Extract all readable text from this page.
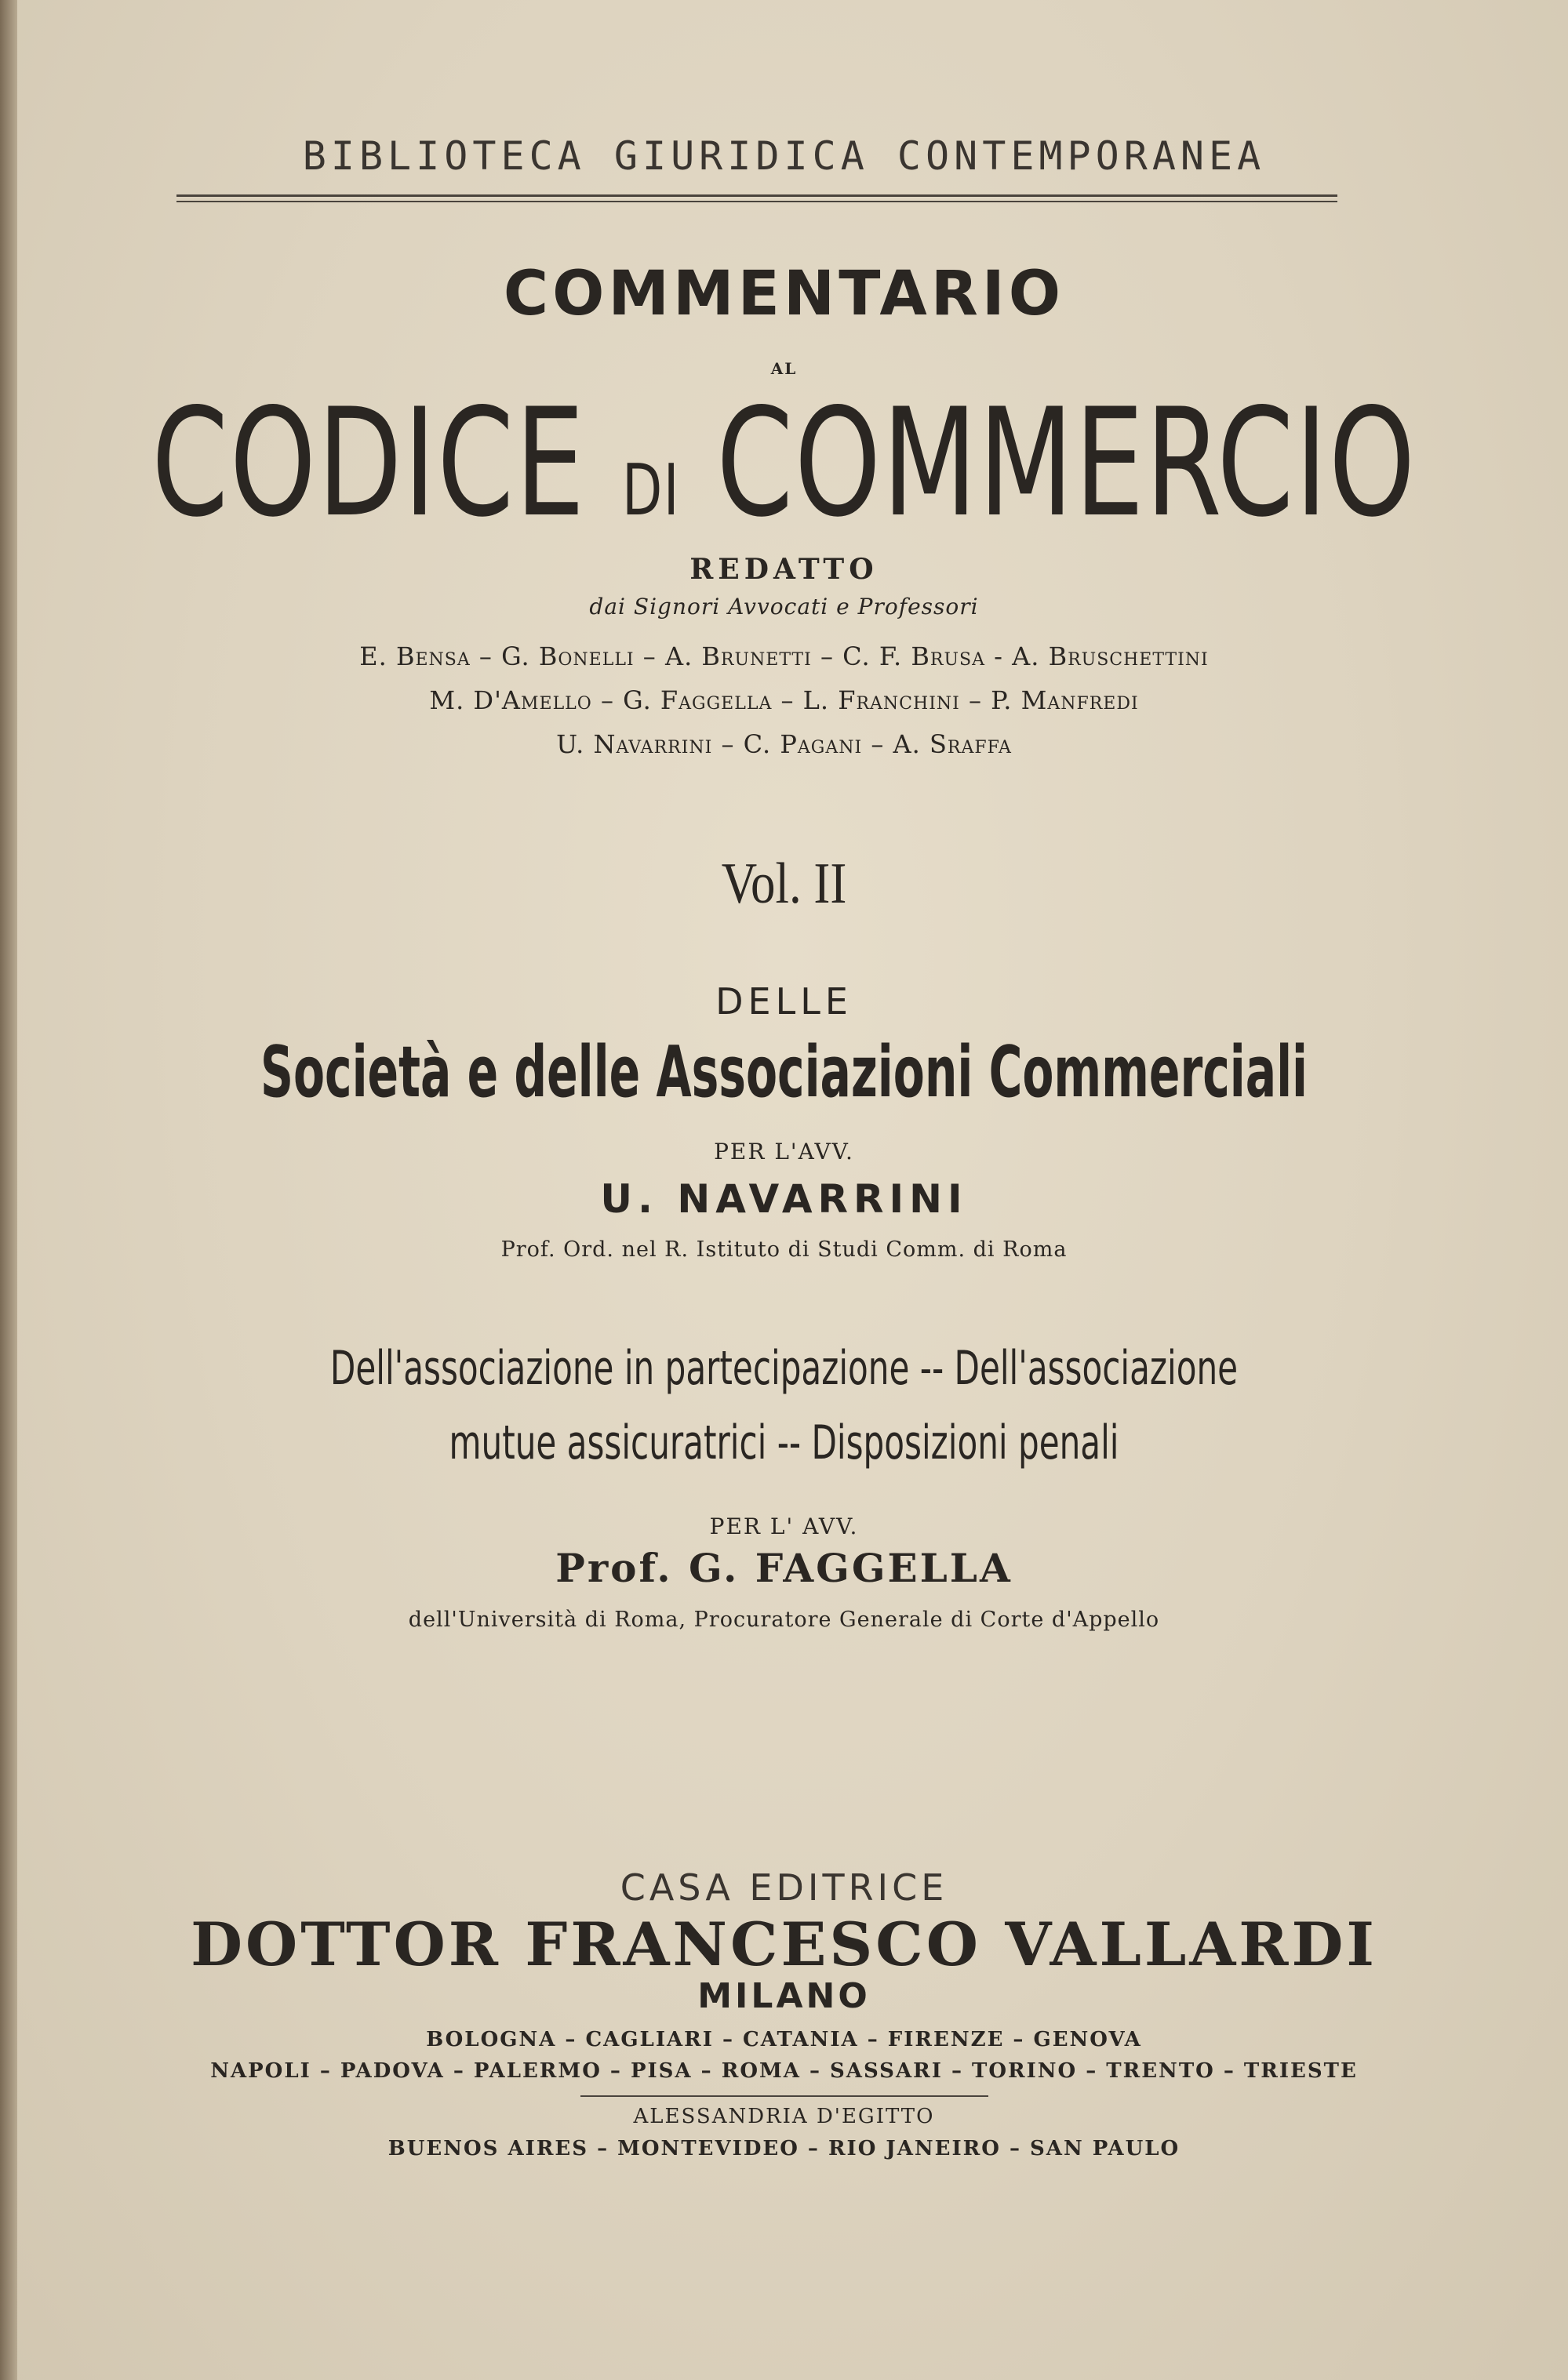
BIBLIOTECA GIURIDICA CONTEMPORANEA

COMMENTARIO

AL

CODICE DI COMMERCIO

REDATTO

dai Signori Avvocati e Professori

E. Bensa – G. Bonelli – A. Brunetti – C. F. Brusa - A. Bruschettini

M. D'Amello – G. Faggella – L. Franchini – P. Manfredi

U. Navarrini – C. Pagani – A. Sraffa

Vol. II

DELLE

Società e delle Associazioni Commerciali

PER L'AVV.

U. NAVARRINI

Prof. Ord. nel R. Istituto di Studi Comm. di Roma

Dell'associazione in partecipazione -- Dell'associazione

mutue assicuratrici -- Disposizioni penali

PER L' AVV.

Prof. G. FAGGELLA

dell'Università di Roma, Procuratore Generale di Corte d'Appello

CASA EDITRICE

DOTTOR FRANCESCO VALLARDI

MILANO

BOLOGNA – CAGLIARI – CATANIA – FIRENZE – GENOVA

NAPOLI – PADOVA – PALERMO – PISA – ROMA – SASSARI – TORINO – TRENTO – TRIESTE

ALESSANDRIA D'EGITTO

BUENOS AIRES – MONTEVIDEO – RIO JANEIRO – SAN PAULO
